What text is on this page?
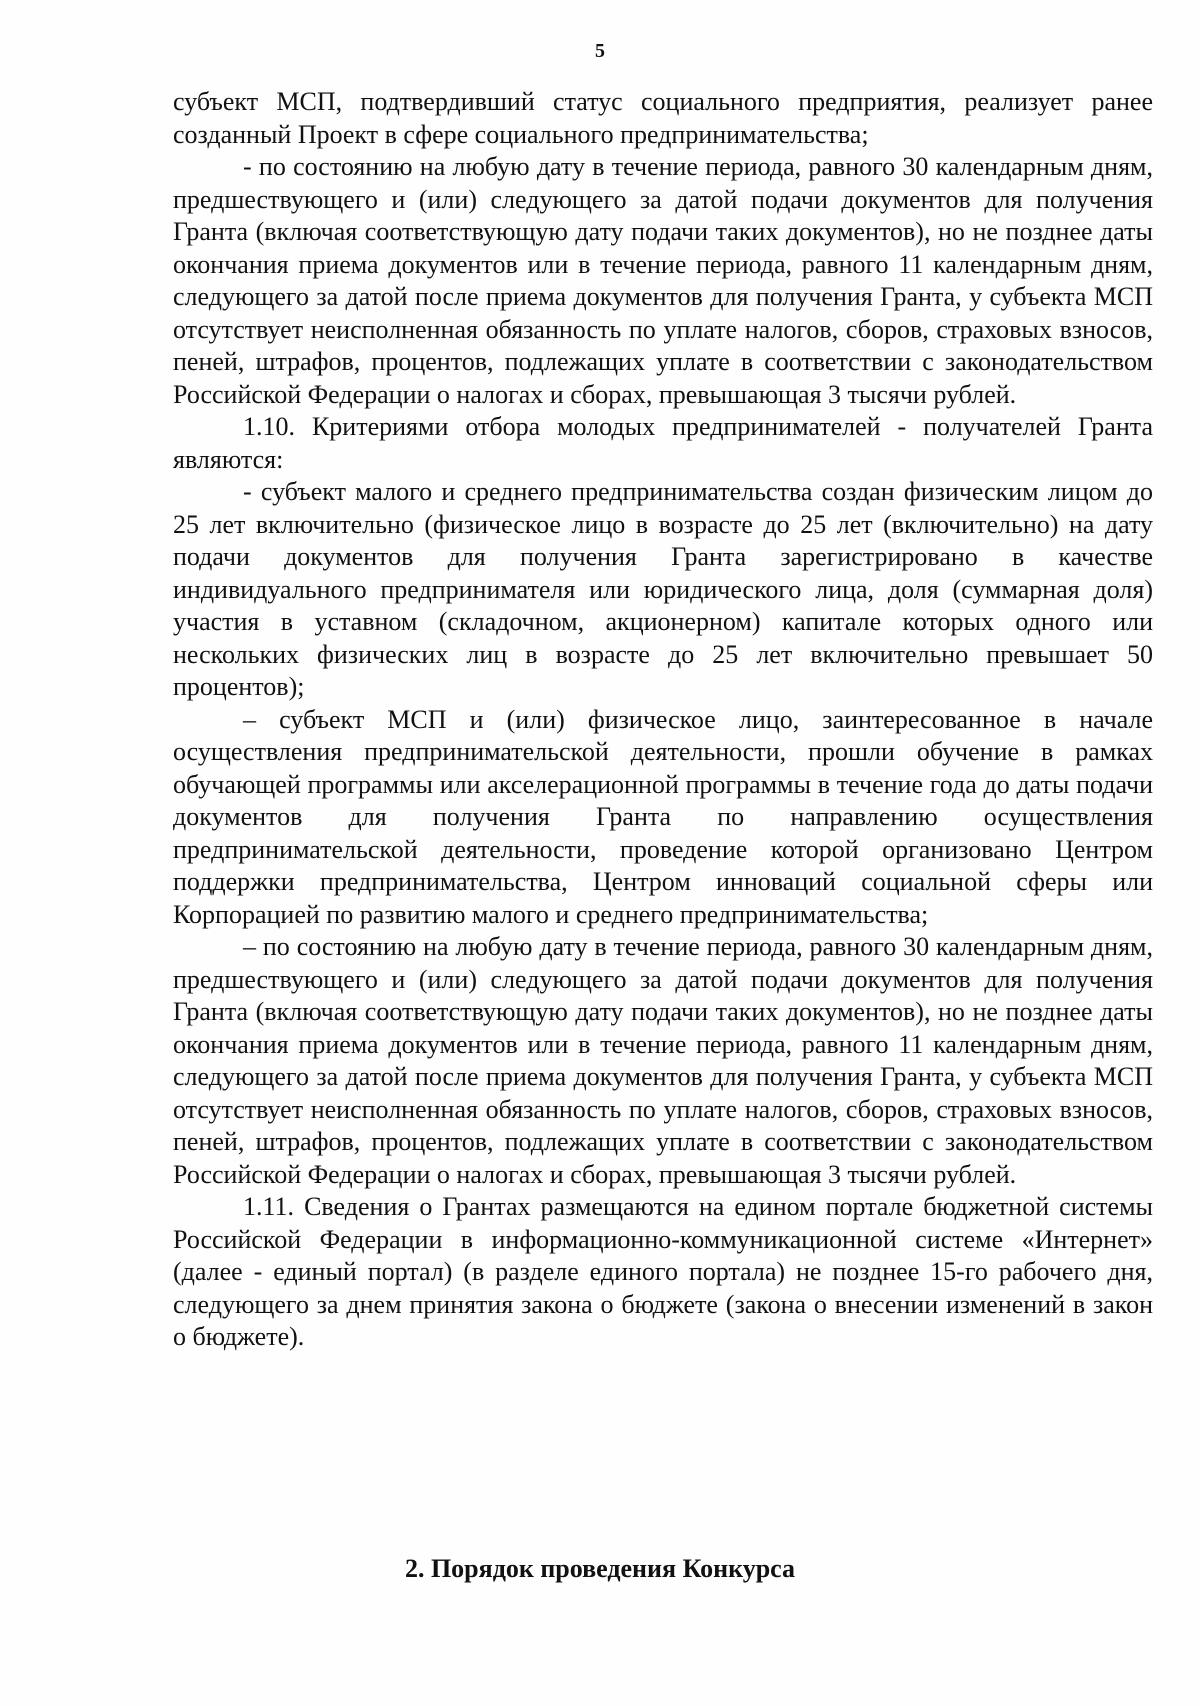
5

субъект МСП, подтвердивший статус социального предприятия, реализует ранее созданный Проект в сфере социального предпринимательства;

- по состоянию на любую дату в течение периода, равного 30 календарным дням, предшествующего и (или) следующего за датой подачи документов для получения Гранта (включая соответствующую дату подачи таких документов), но не позднее даты окончания приема документов или в течение периода, равного 11 календарным дням, следующего за датой после приема документов для получения Гранта, у субъекта МСП отсутствует неисполненная обязанность по уплате налогов, сборов, страховых взносов, пеней, штрафов, процентов, подлежащих уплате в соответствии с законодательством Российской Федерации о налогах и сборах, превышающая 3 тысячи рублей.

1.10. Критериями отбора молодых предпринимателей - получателей Гранта являются:

- субъект малого и среднего предпринимательства создан физическим лицом до 25 лет включительно (физическое лицо в возрасте до 25 лет (включительно) на дату подачи документов для получения Гранта зарегистрировано в качестве индивидуального предпринимателя или юридического лица, доля (суммарная доля) участия в уставном (складочном, акционерном) капитале которых одного или нескольких физических лиц в возрасте до 25 лет включительно превышает 50 процентов);

– субъект МСП и (или) физическое лицо, заинтересованное в начале осуществления предпринимательской деятельности, прошли обучение в рамках обучающей программы или акселерационной программы в течение года до даты подачи документов для получения Гранта по направлению осуществления предпринимательской деятельности, проведение которой организовано Центром поддержки предпринимательства, Центром инноваций социальной сферы или Корпорацией по развитию малого и среднего предпринимательства;

– по состоянию на любую дату в течение периода, равного 30 календарным дням, предшествующего и (или) следующего за датой подачи документов для получения Гранта (включая соответствующую дату подачи таких документов), но не позднее даты окончания приема документов или в течение периода, равного 11 календарным дням, следующего за датой после приема документов для получения Гранта, у субъекта МСП отсутствует неисполненная обязанность по уплате налогов, сборов, страховых взносов, пеней, штрафов, процентов, подлежащих уплате в соответствии с законодательством Российской Федерации о налогах и сборах, превышающая 3 тысячи рублей.

1.11. Сведения о Грантах размещаются на едином портале бюджетной системы Российской Федерации в информационно-коммуникационной системе «Интернет» (далее - единый портал) (в разделе единого портала) не позднее 15-го рабочего дня, следующего за днем принятия закона о бюджете (закона о внесении изменений в закон о бюджете).

2. Порядок проведения Конкурса
